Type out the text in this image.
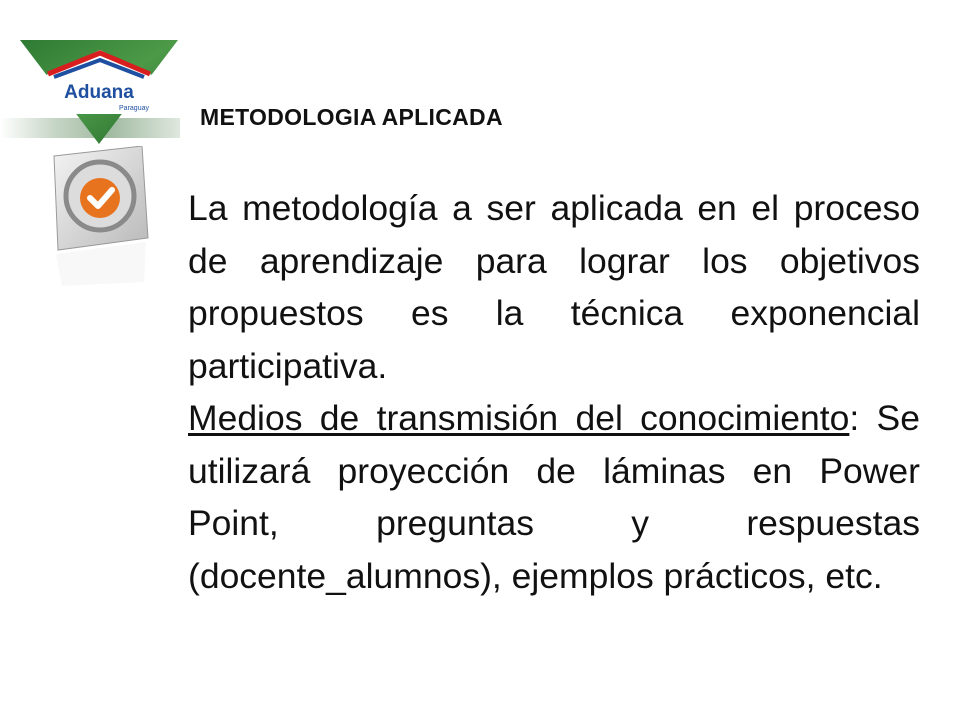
Aduana
Paraguay METODOLOGIA APLICADA

La metodología a ser aplicada en el proceso de aprendizaje para lograr los objetivos propuestos es la técnica exponencial participativa.

Medios de transmisión del conocimiento: Se utilizará proyección de láminas en Power Point, preguntas y respuestas (docente_alumnos), ejemplos prácticos, etc.
